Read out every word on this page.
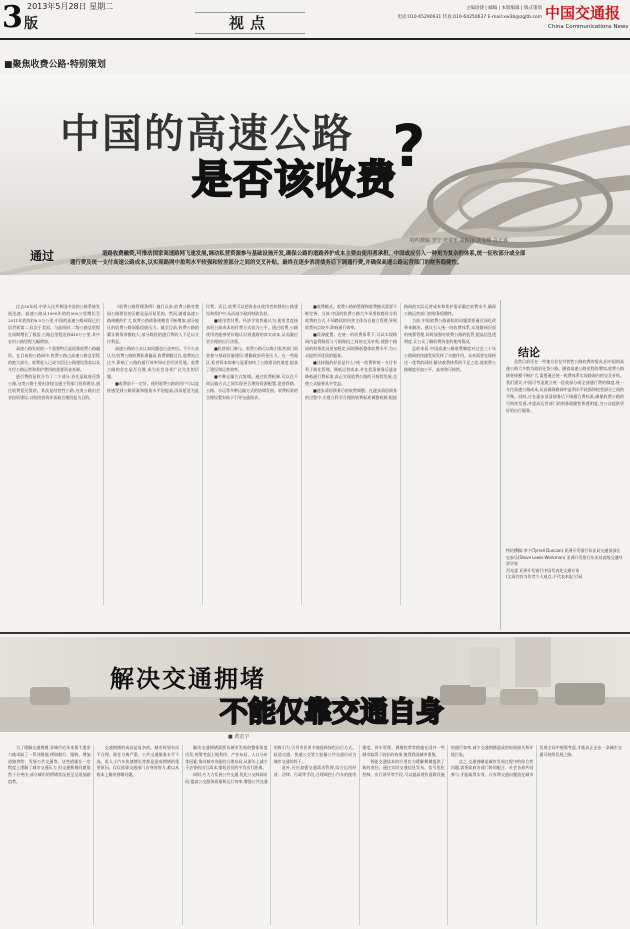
3 版
2013年5月28日 星期二
视点
主编徐捷 | 邮编 | 本版编辑 | 版式策划
电话:010-65290631 传真:010-64250637 E-mail:xw3b@zgjtb.com 中国交通报
China Communications News
■聚焦收费公路·特别策划
中国的高速公路
是否该收费
?
特约撰稿 李宁 史泰乐 霍振国 沃克斯 肖光睿
通过	道路收费融资,可推动国家高速路网飞速发展,调动私营资源参与基础设施开发,确保公路的道路养护成本主要由使用者承担。中国或应引入一种更为复杂的体系,统一征收部分或全部通行费及统一支付高速公路成本,以实现路网中盈利水平较强和较差部分之间的交叉补贴。最终在逐步消清债务后下调通行费,并确保高速公路运营部门的财务稳健性。

过去30年间,中华人民共和国中国的公路系统发展迅速。高速公路从1990年的约500公里增长至2011年底的约8.5万公里,中国的高速公路网现已位居世界第二,仅次于美国。与此同时,二级公路总里程在同期增长了数倍,公路总里程达到410万公里,其中农村公路里程大幅增加。

高速公路发展的一个重要特点是依靠收费公路融资。在目前的公路网中,收费公路占高速公路总里程的绝大部分。收费收入已成为偿还公路建设贷款以及支付公路运营和养护费用的重要资金来源。

进行费的征收分为了二个部分,首先是政府还贷公路,这类公路主要由各级交通主管部门投资建设,通过收费偿还贷款。其次是经营性公路,这类公路由企业投资建设,以收回投资并获取合理回报为目的。

《收费公路管理条例》施行以来,收费公路对我国公路建设的贡献是显而易见的。然而,随着高速公路规模的扩大,收费公路债务规模也不断增加,部分地区的收费公路面临偿债压力。截至目前,收费公路的累计债务余额较大,部分路段的通行费收入不足以支付利息。

高速公路的公众认知问题也日益突出。不少公众认为,收费公路收费标准偏高,收费期限过长,收费站点过多,影响了公路的通行效率和社会经济发展。收费公路的存在是否合理,成为社会各界广泛关注的话题。

■收费前不一定好。使用收费公路的用户可以直接感受到公路质量和服务水平的提高,因而愿意为此付费。而且,收费可以把资金从使用者转移到公路建设和养护中,从而减少政府财政负担。

■使用者付费。经济学家普遍认为,使用者直接承担公路成本的付费方式较为公平。通过收费,公路使用者能够更好地认识到道路的真实成本,从而做出更合理的出行决策。

■私营部门参与。收费公路可以吸引私营部门资金参与基础设施建设,缓解政府资金压力。在一些地区,私营资本的参与显著加快了公路建设的速度,提高了建设和运营效率。

■多种运输方式协调。通过收费机制,可以在不同运输方式之间实现更合理的资源配置,促进铁路、公路、水运等多种运输方式的协调发展。收费标准的合理设置有助于引导交通需求。

■收费模式。收费公路的管理和收费模式需要不断完善。当前,中国的收费公路大多采用按路段分别收费的方式,不同路段的经营主体各自独立管理,导致收费站点较多,影响通行效率。

■资源配置。在统一的收费体系下,可以实现路网内盈利路段与亏损路段之间的交叉补贴,使整个路网的财务状况更加稳定,同时降低整体收费水平,为公众提供更优质的服务。

■这样做的好处是什么?统一收费和统一支付有利于简化管理、降低运营成本,并在偿清债务后逐步降低通行费标准,真正实现收费公路的可持续发展,也使公众能够从中受益。

■逐步清偿债务后的收费调整。在逐步清偿债务的过程中,应建立科学合理的收费标准调整机制,根据路网的实际运营成本和养护需求确定收费水平,确保公路运营部门的财务稳健性。

当前,中国收费公路面临的问题需要通过深化改革来解决。建议引入统一的收费体系,实现路网层面的统筹管理,同时加强对收费公路的监管,提高信息透明度,让公众了解收费资金的使用情况。

总的来看,中国高速公路收费制度对过去三十年公路网的快速发展发挥了关键作用。未来需要在保持这一优势的同时,解决收费体系的不足之处,使收费公路制度更加公平、高效和可持续。

结论
虽然目前还在一些地方存在经营性公路收费的情况,但中国的高速公路大多数为政府还贷公路。随着高速公路里程的增加,收费公路债务规模不断扩大,需要通过统一收费体系实现路网内的交叉补贴。我们建议,中国可考虑建立统一征收部分或全部通行费的制度,统一支付高速公路成本,从而确保路网中盈利水平较强和较差部分之间的平衡。同时,应在逐步消清债务后下调通行费标准,确保收费公路的可持续发展,并提高运营部门的财务稳健性和透明度,为公众提供更好的出行服务。

特约撰稿:李宁(Tyrrell Duncan) 亚洲开发银行东亚局交通部部长

史泰乐(Steve Lewis-Workman) 亚洲开发银行东亚局高级交通经济学家

肖光睿 亚洲开发银行中国代表处交通专家

(文章内容为作者个人观点,不代表本报立场)

解决交通拥堵
不能仅靠交通自身
■ 黄宏宇

为了缓解交通拥堵,各城市近年来都不遗余力地采取了一系列措施,例如限行、限购、增加道路供给、发展公共交通等。这些措施在一定程度上缓解了城市交通压力,但交通拥堵问题依然十分突出,部分城市的拥堵状况甚至呈现加剧趋势。

交通拥堵的成因是复杂的。城市规划布局不合理、职住分离严重、公共交通服务水平不高、私人小汽车快速增长等都是造成拥堵的重要原因。仅仅依靠交通部门自身的努力,难以从根本上解决拥堵问题。

解决交通拥堵需要从城市发展的整体角度出发,统筹考虑土地利用、产业布局、人口分布等因素,推动城市功能的合理布局,从源头上减少不必要的出行需求,缩短居民的平均出行距离。

同时,应大力发展公共交通,优化公交线网布局,提高公交服务质量和运行效率,增强公共交通的吸引力,引导市民更多地选择绿色出行方式。轨道交通、快速公交等大容量公共交通应成为城市交通的骨干。

此外,还应加强交通需求管理,综合运用经济、法律、行政等手段,合理调控小汽车的使用强度。停车管理、拥堵收费等措施在国外一些城市取得了较好的效果,值得我国城市借鉴。

智能交通技术的应用也为缓解拥堵提供了新的途径。通过实时交通信息发布、信号优化控制、出行诱导等手段,可以提高现有道路设施的通行效率,减少交通拥堵造成的时间损失和环境污染。

总之,交通拥堵是城市发展过程中的综合性问题,需要政府各部门协同配合、社会各界共同参与,才能取得实效。只有将交通问题放在城市发展全局中统筹考虑,才能真正走出一条城市交通可持续发展之路。
